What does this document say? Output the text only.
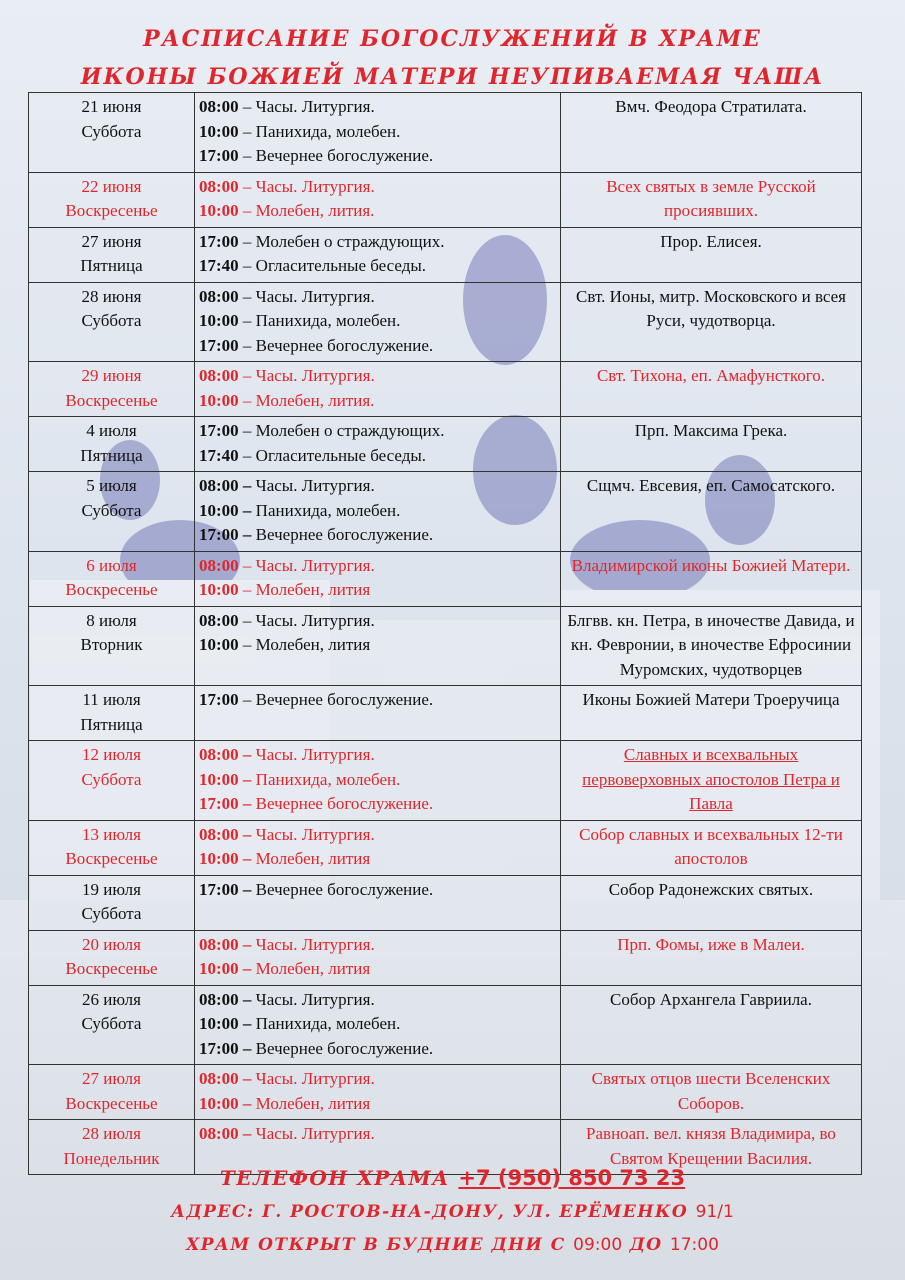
РАСПИСАНИЕ БОГОСЛУЖЕНИЙ В ХРАМЕ
ИКОНЫ БОЖИЕЙ МАТЕРИ НЕУПИВАЕМАЯ ЧАША
21 июня
Суббота	08:00 – Часы. Литургия.
10:00 – Панихида, молебен.
17:00 – Вечернее богослужение.	Вмч. Феодора Стратилата.

22 июня
Воскресенье	08:00 – Часы. Литургия.
10:00 – Молебен, лития.	Всех святых в земле Русской просиявших.

27 июня
Пятница	17:00 – Молебен о страждующих.
17:40 – Огласительные беседы.	Прор. Елисея.

28 июня
Суббота	08:00 – Часы. Литургия.
10:00 – Панихида, молебен.
17:00 – Вечернее богослужение.	Свт. Ионы, митр. Московского и всея Руси, чудотворца.

29 июня
Воскресенье	08:00 – Часы. Литургия.
10:00 – Молебен, лития.	Свт. Тихона, еп. Амафунсткого.

4 июля
Пятница	17:00 – Молебен о страждующих.
17:40 – Огласительные беседы.	Прп. Максима Грека.

5 июля
Суббота	08:00 – Часы. Литургия.
10:00 – Панихида, молебен.
17:00 – Вечернее богослужение.	Сщмч. Евсевия, еп. Самосатского.

6 июля
Воскресенье	08:00 – Часы. Литургия.
10:00 – Молебен, лития	Владимирской иконы Божией Матери.

8 июля
Вторник	08:00 – Часы. Литургия.
10:00 – Молебен, лития	Блгвв. кн. Петра, в иночестве Давида, и кн. Февронии, в иночестве Ефросинии Муромских, чудотворцев

11 июля
Пятница	17:00 – Вечернее богослужение.	Иконы Божией Матери Троеручица

12 июля
Суббота	08:00 – Часы. Литургия.
10:00 – Панихида, молебен.
17:00 – Вечернее богослужение.	Славных и всехвальных первоверховных апостолов Петра и Павла

13 июля
Воскресенье	08:00 – Часы. Литургия.
10:00 – Молебен, лития	Собор славных и всехвальных 12-ти апостолов

19 июля
Суббота	17:00 – Вечернее богослужение.	Собор Радонежских святых.

20 июля
Воскресенье	08:00 – Часы. Литургия.
10:00 – Молебен, лития	Прп. Фомы, иже в Малеи.

26 июля
Суббота	08:00 – Часы. Литургия.
10:00 – Панихида, молебен.
17:00 – Вечернее богослужение.	Собор Архангела Гавриила.

27 июля
Воскресенье	08:00 – Часы. Литургия.
10:00 – Молебен, лития	Святых отцов шести Вселенских Соборов.

28 июля
Понедельник	08:00 – Часы. Литургия.	Равноап. вел. князя Владимира, во Святом Крещении Василия.
ТЕЛЕФОН ХРАМА +7 (950) 850 73 23
АДРЕС: Г. РОСТОВ-НА-ДОНУ, УЛ. ЕРЁМЕНКО 91/1
ХРАМ ОТКРЫТ В БУДНИЕ ДНИ С 09:00 ДО 17:00
